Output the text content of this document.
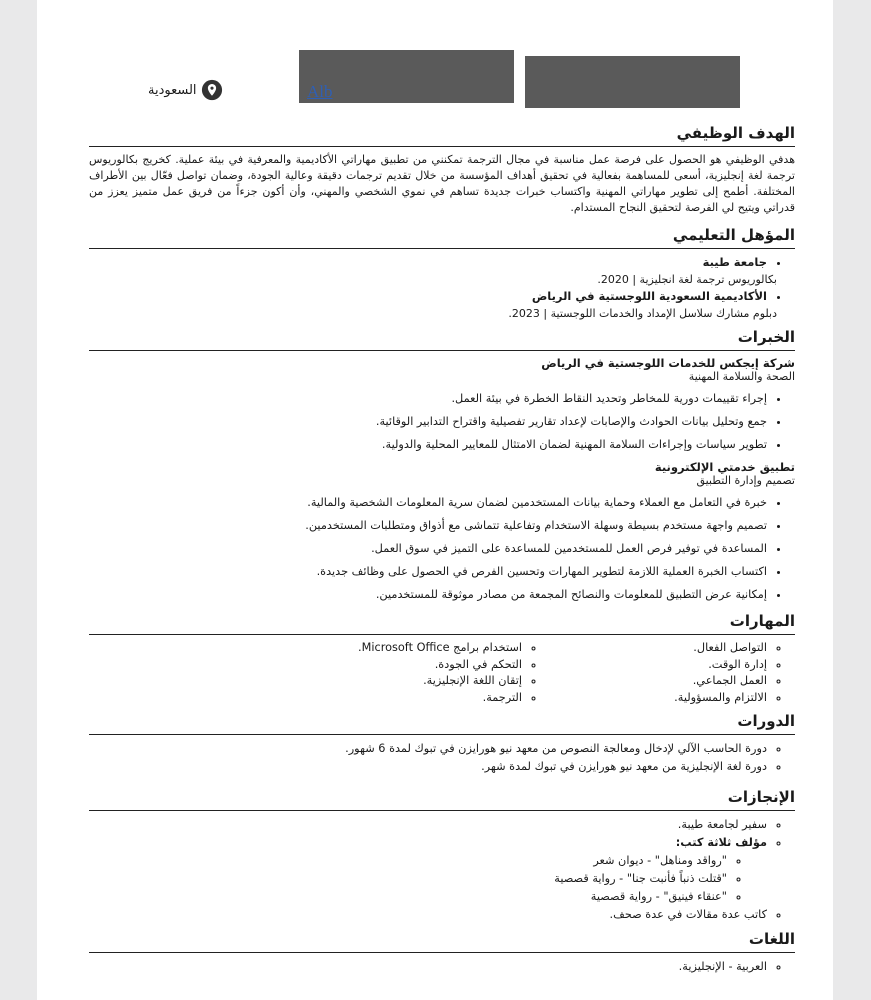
Alb
السعودية
الهدف الوظيفي

هدفي الوظيفي هو الحصول على فرصة عمل مناسبة في مجال الترجمة تمكنني من تطبيق مهاراتي الأكاديمية والمعرفية في بيئة عملية. كخريج بكالوريوس ترجمة لغة إنجليزية، أسعى للمساهمة بفعالية في تحقيق أهداف المؤسسة من خلال تقديم ترجمات دقيقة وعالية الجودة، وضمان تواصل فعّال بين الأطراف المختلفة. أطمح إلى تطوير مهاراتي المهنية واكتساب خبرات جديدة تساهم في نموي الشخصي والمهني، وأن أكون جزءاً من فريق عمل متميز يعزز من قدراتي ويتيح لي الفرصة لتحقيق النجاح المستدام.

المؤهل التعليمي
• جامعة طيبة
بكالوريوس ترجمة لغة انجليزية | 2020.
• الأكاديمية السعودية اللوجستية في الرياض
دبلوم مشارك سلاسل الإمداد والخدمات اللوجستية | 2023.
الخبرات
شركة إيجكس للخدمات اللوجستية في الرياض
الصحة والسلامة المهنية
• إجراء تقييمات دورية للمخاطر وتحديد النقاط الخطرة في بيئة العمل.
• جمع وتحليل بيانات الحوادث والإصابات لإعداد تقارير تفصيلية واقتراح التدابير الوقائية.
• تطوير سياسات وإجراءات السلامة المهنية لضمان الامتثال للمعايير المحلية والدولية.
تطبيق خدمتي الإلكترونية
تصميم وإدارة التطبيق
• خبرة في التعامل مع العملاء وحماية بيانات المستخدمين لضمان سرية المعلومات الشخصية والمالية.
• تصميم واجهة مستخدم بسيطة وسهلة الاستخدام وتفاعلية تتماشى مع أذواق ومتطلبات المستخدمين.
• المساعدة في توفير فرص العمل للمستخدمين للمساعدة على التميز في سوق العمل.
• اكتساب الخبرة العملية اللازمة لتطوير المهارات وتحسين الفرص في الحصول على وظائف جديدة.
• إمكانية عرض التطبيق للمعلومات والنصائح المجمعة من مصادر موثوقة للمستخدمين.
المهارات
◦ التواصل الفعال.
◦ إدارة الوقت.
◦ العمل الجماعي.
◦ الالتزام والمسؤولية.
◦ استخدام برامج Microsoft Office.
◦ التحكم في الجودة.
◦ إتقان اللغة الإنجليزية.
◦ الترجمة.
الدورات
◦ دورة الحاسب الآلي لإدخال ومعالجة النصوص من معهد نيو هورايزن في تبوك لمدة 6 شهور.
◦ دورة لغة الإنجليزية من معهد نيو هورايزن في تبوك لمدة شهر.
الإنجازات
◦ سفير لجامعة طيبة.
◦ مؤلف ثلاثة كتب:
◦ "رواقد ومناهل" - ديوان شعر
◦ "قتلت ذنباً فأنبت جنا" - رواية قصصية
◦ "عنقاء فينيق" - رواية قصصية
◦ كاتب عدة مقالات في عدة صحف.
اللغات
◦ العربية - الإنجليزية.
